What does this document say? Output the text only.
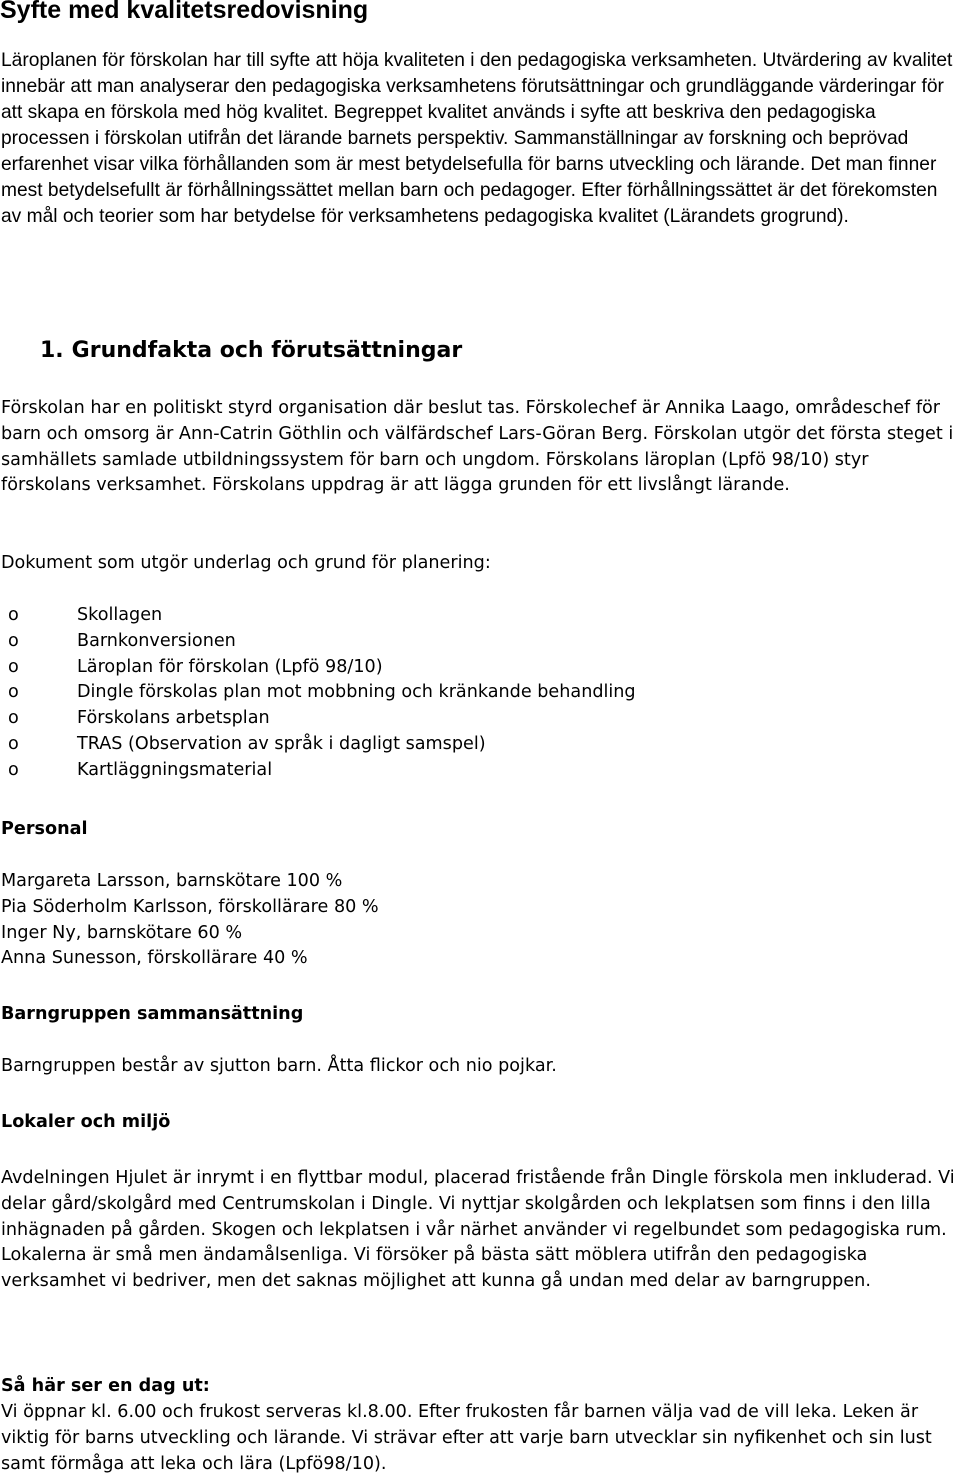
Syfte med kvalitetsredovisning

Läroplanen för förskolan har till syfte att höja kvaliteten i den pedagogiska verksamheten. Utvärdering av kvalitet innebär att man analyserar den pedagogiska verksamhetens förutsättningar och grundläggande värderingar för att skapa en förskola med hög kvalitet. Begreppet kvalitet används i syfte att beskriva den pedagogiska processen i förskolan utifrån det lärande barnets perspektiv. Sammanställningar av forskning och beprövad erfarenhet visar vilka förhållanden som är mest betydelsefulla för barns utveckling och lärande. Det man finner mest betydelsefullt är förhållningssättet mellan barn och pedagoger. Efter förhållningssättet är det förekomsten av mål och teorier som har betydelse för verksamhetens pedagogiska kvalitet (Lärandets grogrund).

1. Grundfakta och förutsättningar

Förskolan har en politiskt styrd organisation där beslut tas. Förskolechef är Annika Laago, områdeschef för barn och omsorg är Ann-Catrin Göthlin och välfärdschef Lars-Göran Berg. Förskolan utgör det första steget i samhällets samlade utbildningssystem för barn och ungdom. Förskolans läroplan (Lpfö 98/10) styr förskolans verksamhet. Förskolans uppdrag är att lägga grunden för ett livslångt lärande.

Dokument som utgör underlag och grund för planering:

o	Skollagen
o	Barnkonversionen
o	Läroplan för förskolan (Lpfö 98/10)
o	Dingle förskolas plan mot mobbning och kränkande behandling
o	Förskolans arbetsplan
o	TRAS (Observation av språk i dagligt samspel)
o	Kartläggningsmaterial
Personal
Margareta Larsson, barnskötare 100 %
Pia Söderholm Karlsson, förskollärare 80 %
Inger Ny, barnskötare 60 %
Anna Sunesson, förskollärare 40 %
Barngruppen sammansättning

Barngruppen består av sjutton barn. Åtta flickor och nio pojkar.

Lokaler och miljö

Avdelningen Hjulet är inrymt i en flyttbar modul, placerad fristående från Dingle förskola men inkluderad. Vi delar gård/skolgård med Centrumskolan i Dingle. Vi nyttjar skolgården och lekplatsen som finns i den lilla inhägnaden på gården. Skogen och lekplatsen i vår närhet använder vi regelbundet som pedagogiska rum. Lokalerna är små men ändamålsenliga. Vi försöker på bästa sätt möblera utifrån den pedagogiska verksamhet vi bedriver, men det saknas möjlighet att kunna gå undan med delar av barngruppen.

Så här ser en dag ut:

Vi öppnar kl. 6.00 och frukost serveras kl.8.00. Efter frukosten får barnen välja vad de vill leka. Leken är viktig för barns utveckling och lärande. Vi strävar efter att varje barn utvecklar sin nyfikenhet och sin lust samt förmåga att leka och lära (Lpfö98/10).
